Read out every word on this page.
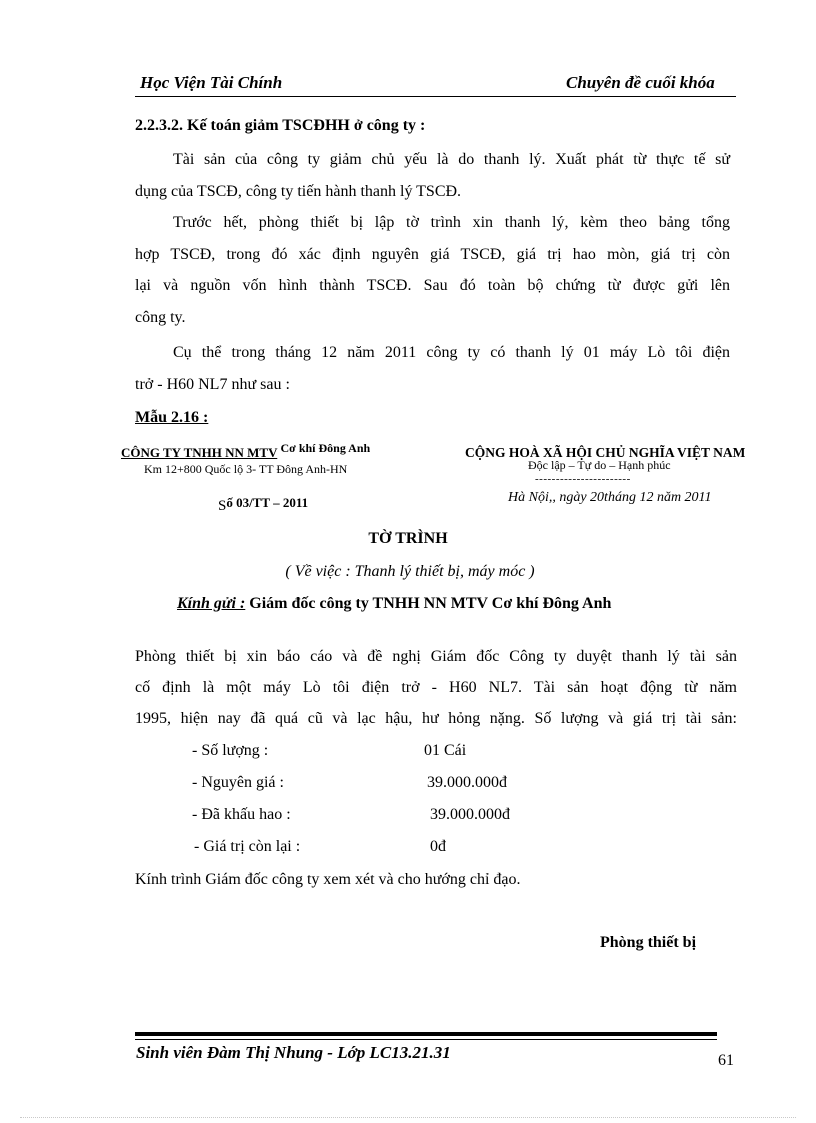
Học Viện Tài Chính	Chuyên đề cuối khóa
2.2.3.2. Kế toán giảm TSCĐHH ở công ty :
Tài sản của công ty giảm chủ yếu là do thanh lý. Xuất phát từ thực tế sử
dụng của TSCĐ, công ty tiến hành thanh lý TSCĐ.
Trước hết, phòng thiết bị lập tờ trình xin thanh lý, kèm theo bảng tổng
hợp TSCĐ, trong đó xác định nguyên giá TSCĐ, giá trị hao mòn, giá trị còn
lại và nguồn vốn hình thành TSCĐ. Sau đó toàn bộ chứng từ được gửi lên
công ty.
Cụ thể trong tháng 12 năm 2011 công ty có thanh lý 01 máy Lò tôi điện
trở - H60 NL7 như sau :
Mẫu 2.16 :
CÔNG TY TNHH NN MTV Cơ khí Đông Anh
Km 12+800 Quốc lộ 3- TT Đông Anh-HN
Số 03/TT – 2011
CỘNG HOÀ XÃ HỘI CHỦ NGHĨA VIỆT NAM
Độc lập – Tự do – Hạnh phúc
-----------------------
Hà Nội,, ngày 20tháng 12 năm 2011
TỜ TRÌNH
( Về việc : Thanh lý thiết bị, máy móc )
Kính gửi : Giám đốc công ty TNHH NN MTV Cơ khí Đông Anh
Phòng thiết bị xin báo cáo và đề nghị Giám đốc Công ty duyệt thanh lý tài sản
cố định là một máy Lò tôi điện trở - H60 NL7. Tài sản hoạt động từ năm
1995, hiện nay đã quá cũ và lạc hậu, hư hỏng nặng. Số lượng và giá trị tài sản:
- Số lượng :	01 Cái
- Nguyên giá :	39.000.000đ
- Đã khấu hao :	39.000.000đ
- Giá trị còn lại :	0đ
Kính trình Giám đốc công ty xem xét và cho hướng chỉ đạo.
Phòng thiết bị
Sinh viên Đàm Thị Nhung - Lớp LC13.21.31	61
